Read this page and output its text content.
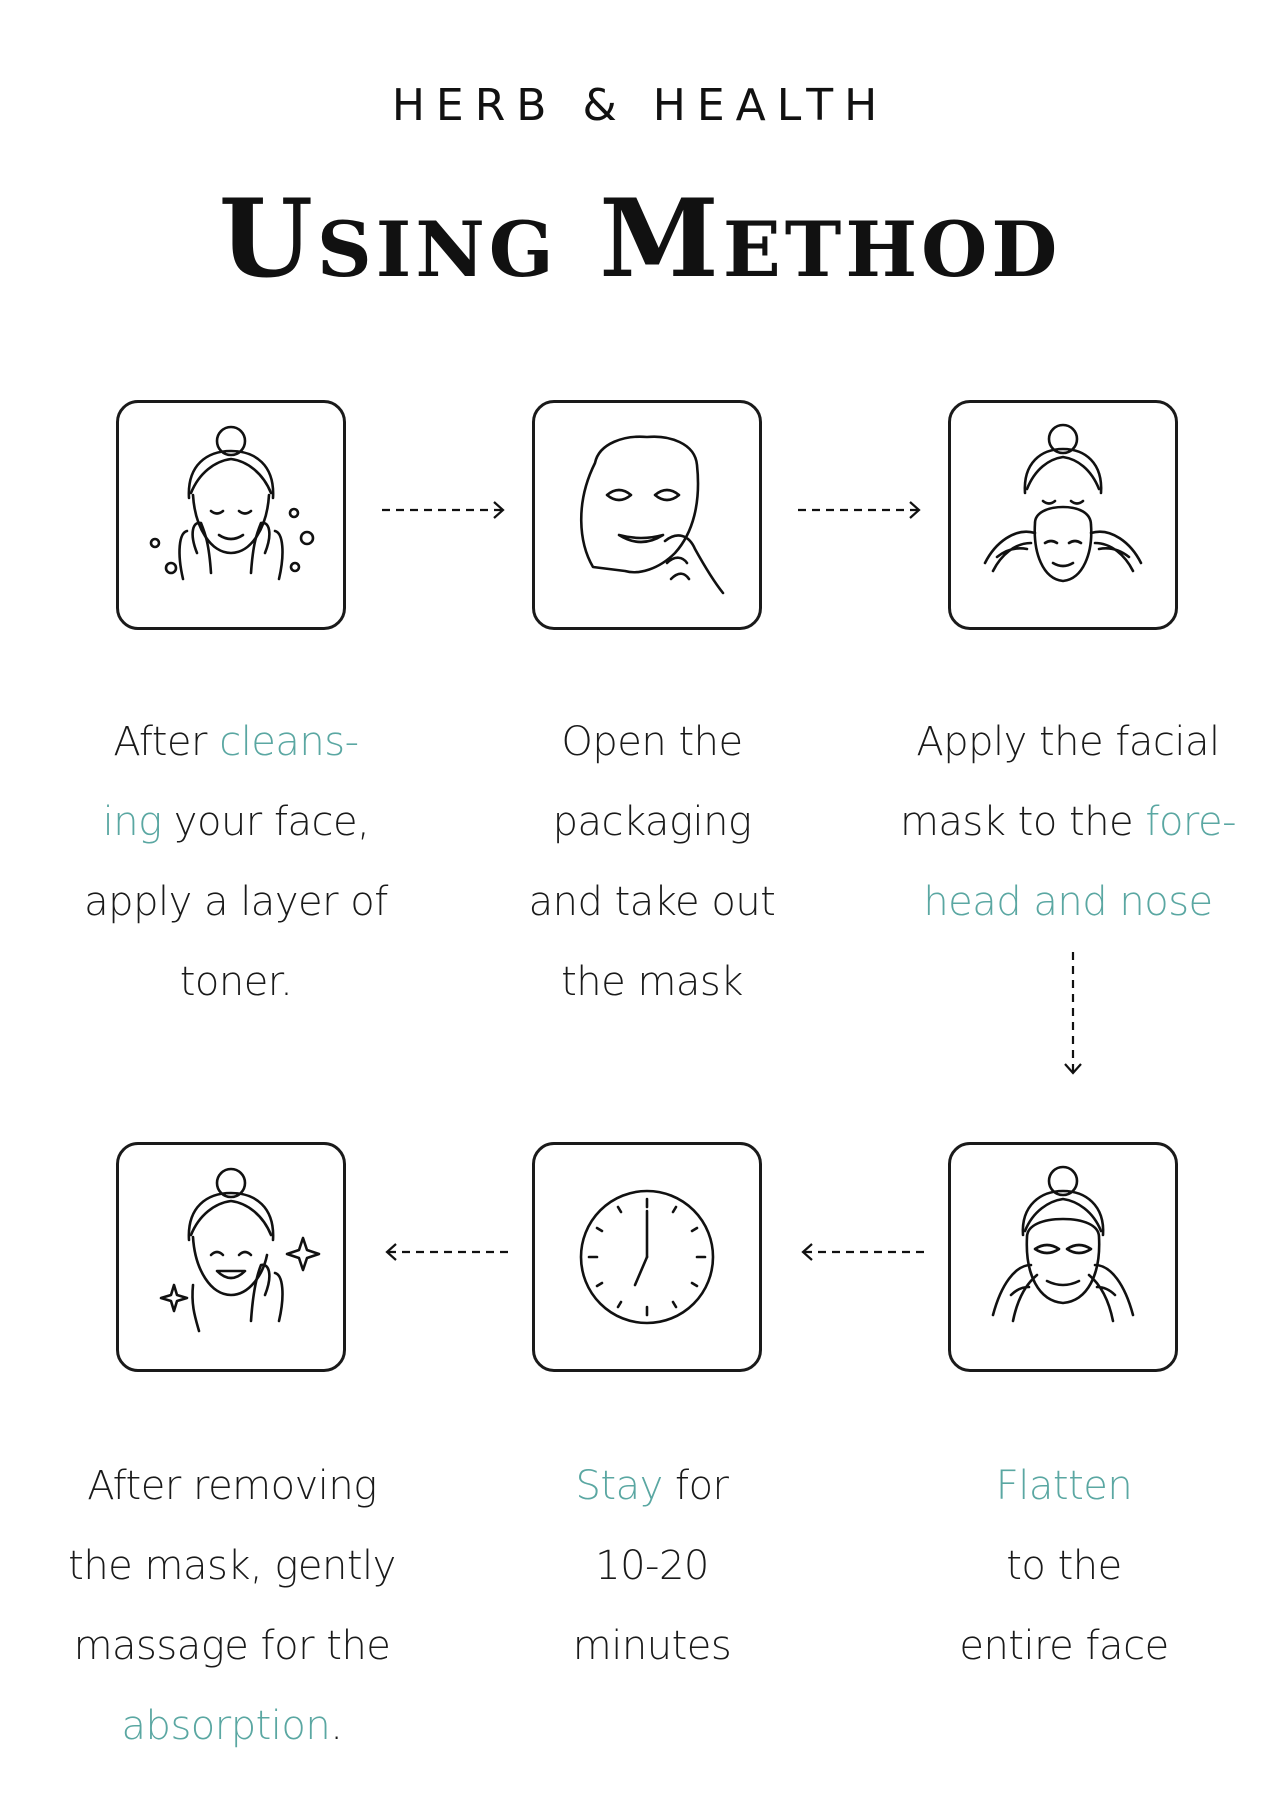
HERB & HEALTH
Using Method
After cleans-
ing your face,
apply a layer of
toner.
Open the
packaging
and take out
the mask
Apply the facial
mask to the fore-
head and nose
After removing
the mask, gently
massage for the
absorption.
Stay for
10-20
minutes
Flatten
to the
entire face
